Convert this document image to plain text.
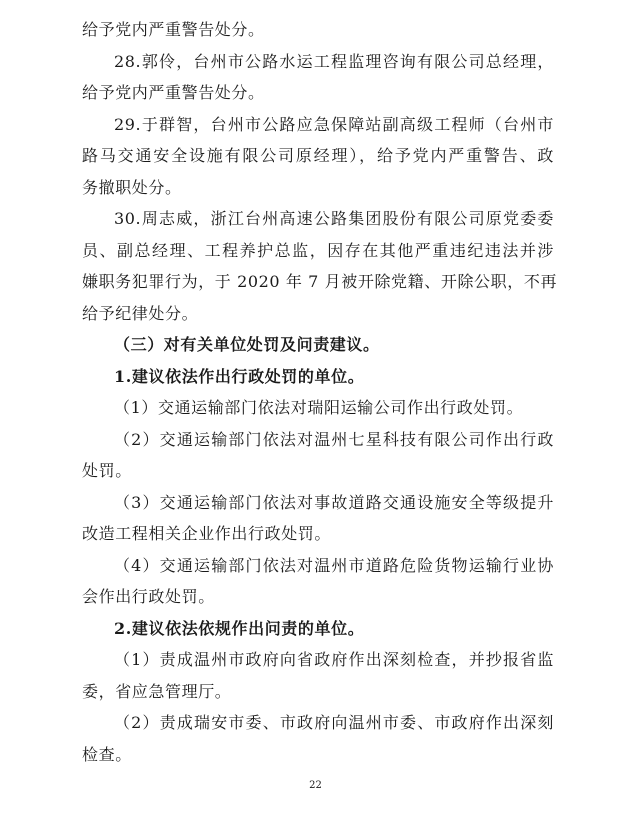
给予党内严重警告处分。
28.郭伶，台州市公路水运工程监理咨询有限公司总经理，
给予党内严重警告处分。
29.于群智，台州市公路应急保障站副高级工程师（台州市
路马交通安全设施有限公司原经理），给予党内严重警告、政
务撤职处分。
30.周志威，浙江台州高速公路集团股份有限公司原党委委
员、副总经理、工程养护总监，因存在其他严重违纪违法并涉
嫌职务犯罪行为，于 2020 年 7 月被开除党籍、开除公职，不再
给予纪律处分。
（三）对有关单位处罚及问责建议。
1.建议依法作出行政处罚的单位。
（1）交通运输部门依法对瑞阳运输公司作出行政处罚。
（2）交通运输部门依法对温州七星科技有限公司作出行政
处罚。
（3）交通运输部门依法对事故道路交通设施安全等级提升
改造工程相关企业作出行政处罚。
（4）交通运输部门依法对温州市道路危险货物运输行业协
会作出行政处罚。
2.建议依法依规作出问责的单位。
（1）责成温州市政府向省政府作出深刻检查，并抄报省监
委，省应急管理厅。
（2）责成瑞安市委、市政府向温州市委、市政府作出深刻
检查。
22
